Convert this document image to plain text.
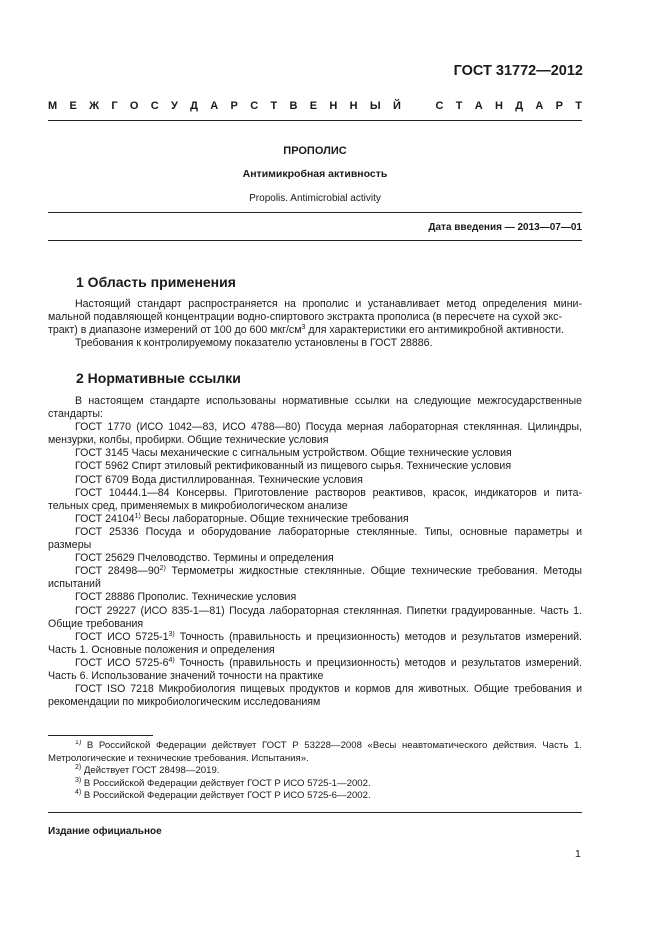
ГОСТ 31772—2012
М Е Ж Г О С У Д А Р С Т В Е Н Н Ы Й	С Т А Н Д А Р Т
ПРОПОЛИС
Антимикробная активность
Propolis. Antimicrobial activity
Дата введения — 2013—07—01
1 Область применения
Настоящий стандарт распространяется на прополис и устанавливает метод определения мини-
мальной подавляющей концентрации водно-спиртового экстракта прополиса (в пересчете на сухой экс-
тракт) в диапазоне измерений от 100 до 600 мкг/$см^3$ для характеристики его антимикробной активности.
Требования к контролируемому показателю установлены в ГОСТ 28886.
2 Нормативные ссылки
В настоящем стандарте использованы нормативные ссылки на следующие межгосударственные
стандарты:
ГОСТ 1770 (ИСО 1042—83, ИСО 4788—80) Посуда мерная лабораторная стеклянная. Цилиндры,
мензурки, колбы, пробирки. Общие технические условия
ГОСТ 3145 Часы механические с сигнальным устройством. Общие технические условия
ГОСТ 5962 Спирт этиловый ректификованный из пищевого сырья. Технические условия
ГОСТ 6709 Вода дистиллированная. Технические условия
ГОСТ 10444.1—84 Консервы. Приготовление растворов реактивов, красок, индикаторов и пита-
тельных сред, применяемых в микробиологическом анализе
ГОСТ 24104$^{1)}$ Весы лабораторные. Общие технические требования
ГОСТ 25336 Посуда и оборудование лабораторные стеклянные. Типы, основные параметры и
размеры
ГОСТ 25629 Пчеловодство. Термины и определения
ГОСТ 28498—90$^{2)}$ Термометры жидкостные стеклянные. Общие технические требования. Методы
испытаний
ГОСТ 28886 Прополис. Технические условия
ГОСТ 29227 (ИСО 835-1—81) Посуда лабораторная стеклянная. Пипетки градуированные. Часть 1.
Общие требования
ГОСТ ИСО 5725-1$^{3)}$ Точность (правильность и прецизионность) методов и результатов измерений.
Часть 1. Основные положения и определения
ГОСТ ИСО 5725-6$^{4)}$ Точность (правильность и прецизионность) методов и результатов измерений.
Часть 6. Использование значений точности на практике
ГОСТ ISO 7218 Микробиология пищевых продуктов и кормов для животных. Общие требования и
рекомендации по микробиологическим исследованиям
$^{1)}$ В Российской Федерации действует ГОСТ Р 53228—2008 «Весы неавтоматического действия. Часть 1.
Метрологические и технические требования. Испытания».
$^{2)}$ Действует ГОСТ 28498—2019.
$^{3)}$ В Российской Федерации действует ГОСТ Р ИСО 5725-1—2002.
$^{4)}$ В Российской Федерации действует ГОСТ Р ИСО 5725-6—2002.
Издание официальное
1
